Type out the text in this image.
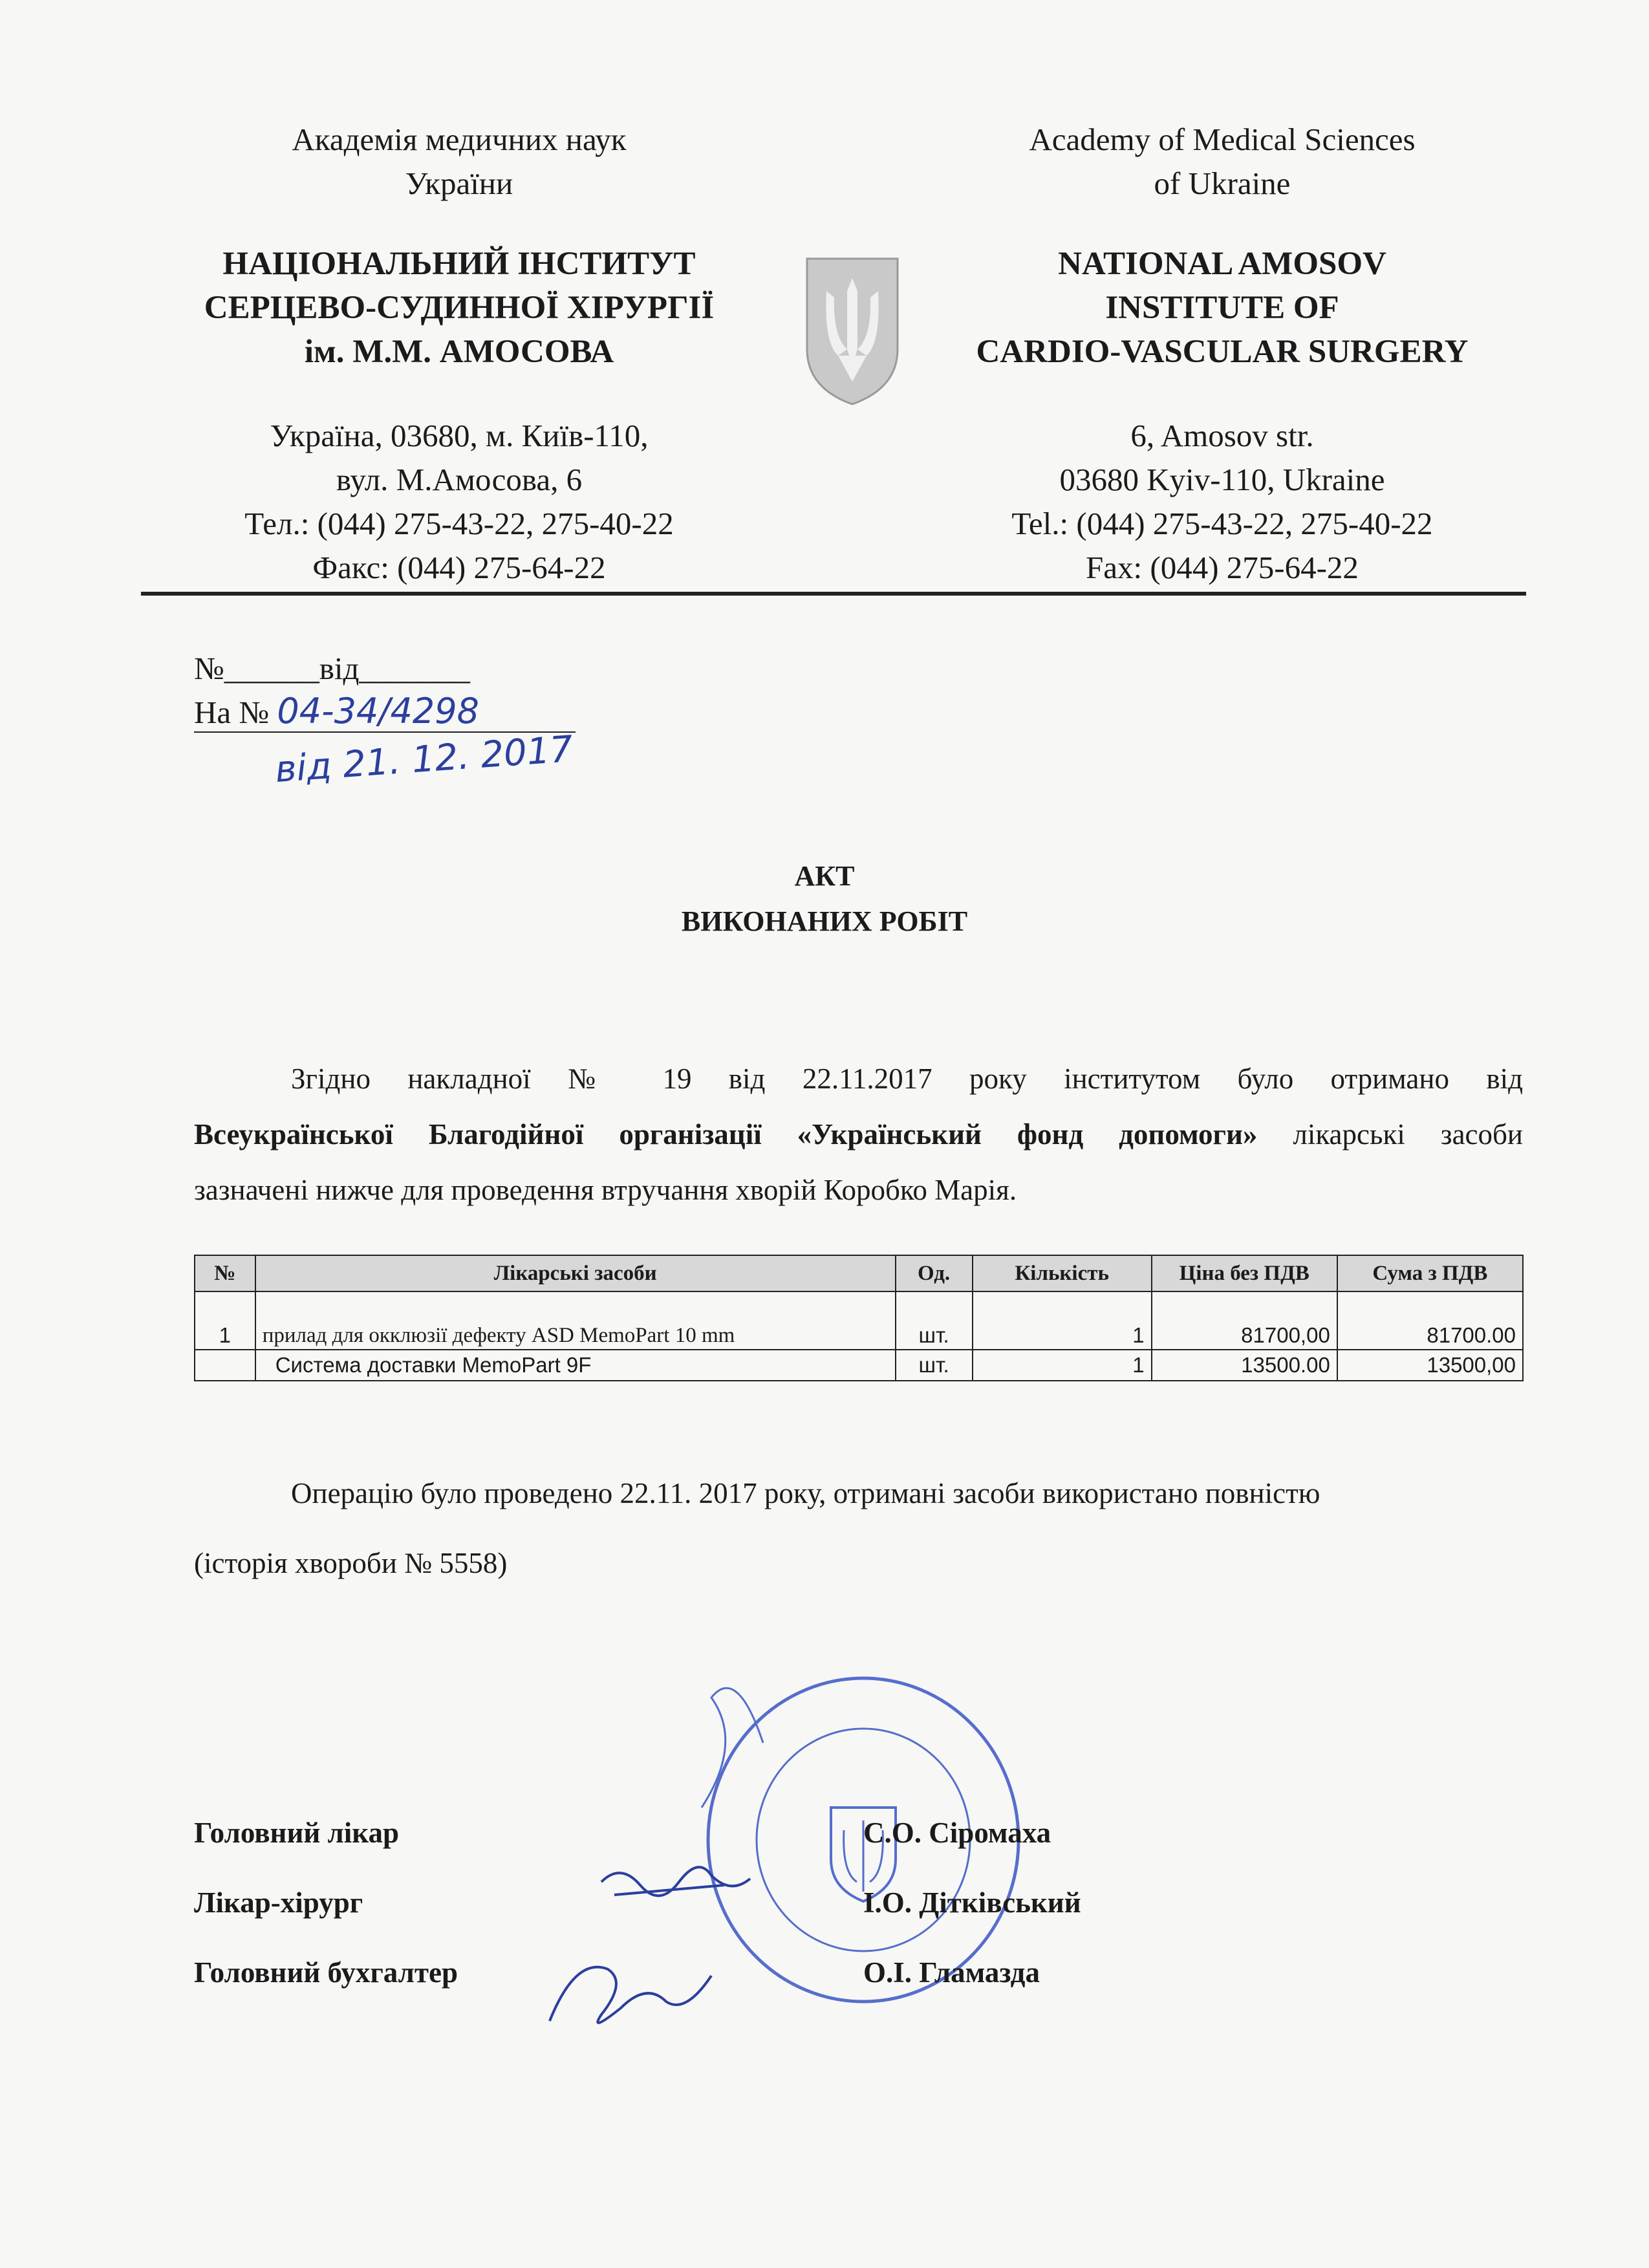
Академія медичних наук
України
НАЦІОНАЛЬНИЙ ІНСТИТУТ
СЕРЦЕВО-СУДИННОЇ ХІРУРГІЇ
ім. М.М. АМОСОВА
Україна, 03680, м. Київ-110,
вул. М.Амосова, 6
Тел.: (044) 275-43-22, 275-40-22
Факс: (044) 275-64-22
Academy of Medical Sciences
of Ukraine
NATIONAL AMOSOV
INSTITUTE OF
CARDIO-VASCULAR SURGERY
6, Amosov str.
03680 Kyiv-110, Ukraine
Tel.: (044) 275-43-22, 275-40-22
Fax: (044) 275-64-22
№______від_______
На № 04-34/4298
від 21. 12. 2017
АКТ
ВИКОНАНИХ РОБІТ
Згідно накладної № 19 від 22.11.2017 року інститутом було отримано від
Всеукраїнської Благодійної організації «Український фонд допомоги» лікарські засоби
зазначені нижче для проведення втручання хворій Коробко Марія.
№	Лікарські засоби	Од.	Кількість	Ціна без ПДВ	Сума з ПДВ
1	прилад для окклюзії дефекту ASD MemoPart 10 mm	шт.	1	81700,00	81700.00
	Система доставки MemoPart 9F	шт.	1	13500.00	13500,00
Операцію було проведено 22.11. 2017 року, отримані засоби використано повністю
(історія хвороби № 5558)
Головний лікар	С.О. Сіромаха
Лікар-хірург	І.О. Дітківський
Головний бухгалтер	О.І. Гламазда
